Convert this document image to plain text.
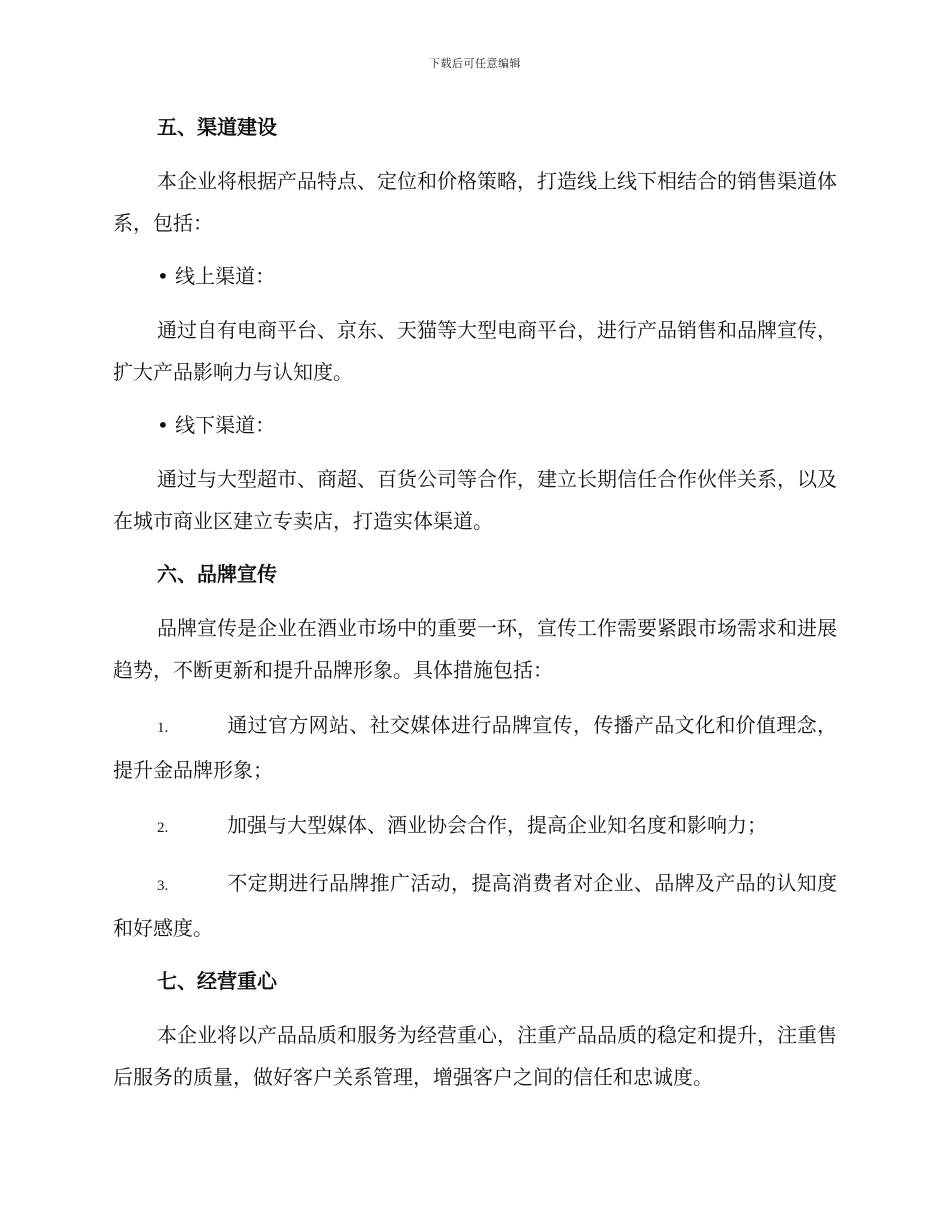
下载后可任意编辑
五、渠道建设

本企业将根据产品特点、定位和价格策略，打造线上线下相结合的销售渠道体系，包括：

• 线上渠道：

通过自有电商平台、京东、天猫等大型电商平台，进行产品销售和品牌宣传，扩大产品影响力与认知度。

• 线下渠道：

通过与大型超市、商超、百货公司等合作，建立长期信任合作伙伴关系，以及在城市商业区建立专卖店，打造实体渠道。

六、品牌宣传

品牌宣传是企业在酒业市场中的重要一环，宣传工作需要紧跟市场需求和进展趋势，不断更新和提升品牌形象。具体措施包括：

1.	通过官方网站、社交媒体进行品牌宣传，传播产品文化和价值理念，提升金品牌形象；

2.	加强与大型媒体、酒业协会合作，提高企业知名度和影响力；

3.	不定期进行品牌推广活动，提高消费者对企业、品牌及产品的认知度和好感度。

七、经营重心

本企业将以产品品质和服务为经营重心，注重产品品质的稳定和提升，注重售后服务的质量，做好客户关系管理，增强客户之间的信任和忠诚度。
